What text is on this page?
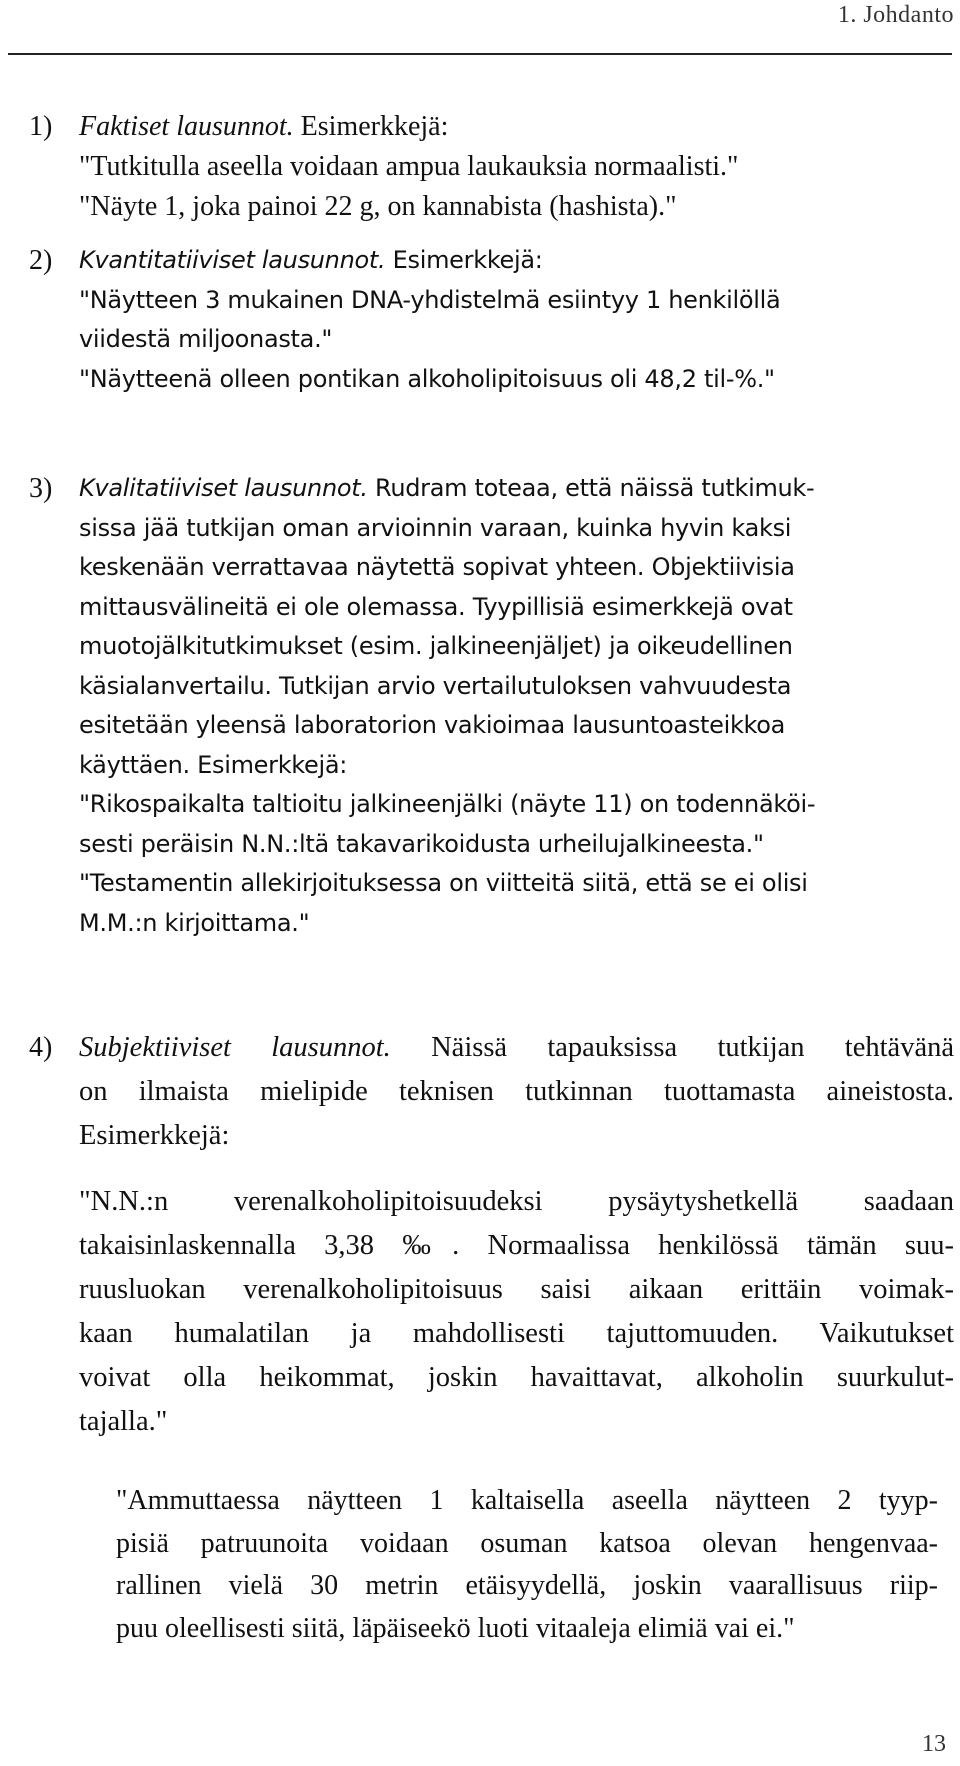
1. Johdanto
1) Faktiset lausunnot. Esimerkkejä:
"Tutkitulla aseella voidaan ampua laukauksia normaalisti."
"Näyte 1, joka painoi 22 g, on kannabista (hashista)."
2) Kvantitatiiviset lausunnot. Esimerkkejä:
"Näytteen 3 mukainen DNA-yhdistelmä esiintyy 1 henkilöllä
viidestä miljoonasta."
"Näytteenä olleen pontikan alkoholipitoisuus oli 48,2 til-%."
3) Kvalitatiiviset lausunnot. Rudram toteaa, että näissä tutkimuk-
sissa jää tutkijan oman arvioinnin varaan, kuinka hyvin kaksi
keskenään verrattavaa näytettä sopivat yhteen. Objektiivisia
mittausvälineitä ei ole olemassa. Tyypillisiä esimerkkejä ovat
muotojälkitutkimukset (esim. jalkineenjäljet) ja oikeudellinen
käsialanvertailu. Tutkijan arvio vertailutuloksen vahvuudesta
esitetään yleensä laboratorion vakioimaa lausuntoasteikkoa
käyttäen. Esimerkkejä:
"Rikospaikalta taltioitu jalkineenjälki (näyte 11) on todennäköi-
sesti peräisin N.N.:ltä takavarikoidusta urheilujalkineesta."
"Testamentin allekirjoituksessa on viitteitä siitä, että se ei olisi
M.M.:n kirjoittama."
4) Subjektiiviset lausunnot. Näissä tapauksissa tutkijan tehtävänä
on ilmaista mielipide teknisen tutkinnan tuottamasta aineistosta.
Esimerkkejä:
"N.N.:n verenalkoholipitoisuudeksi pysäytyshetkellä saadaan
takaisinlaskennalla 3,38 ‰. Normaalissa henkilössä tämän suu-
ruusluokan verenalkoholipitoisuus saisi aikaan erittäin voimak-
kaan humalatilan ja mahdollisesti tajuttomuuden. Vaikutukset
voivat olla heikommat, joskin havaittavat, alkoholin suurkulut-
tajalla."
"Ammuttaessa näytteen 1 kaltaisella aseella näytteen 2 tyyp-
pisiä patruunoita voidaan osuman katsoa olevan hengenvaa-
rallinen vielä 30 metrin etäisyydellä, joskin vaarallisuus riip-
puu oleellisesti siitä, läpäiseekö luoti vitaaleja elimiä vai ei."
13
